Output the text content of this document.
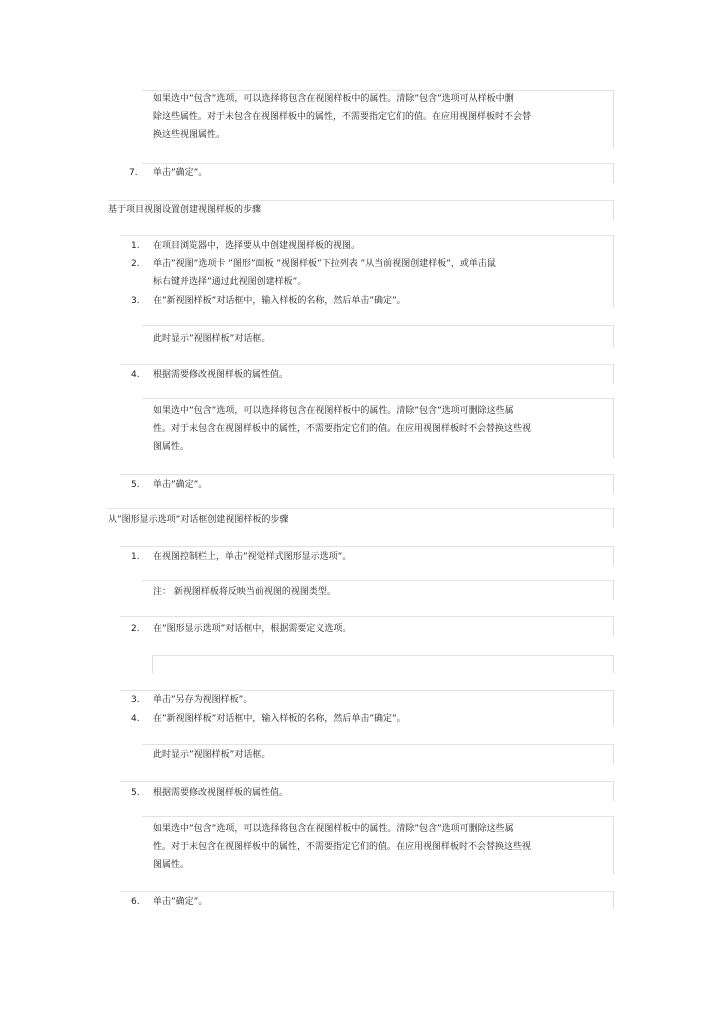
如果选中”包含”选项，可以选择将包含在视图样板中的属性。清除”包含”选项可从样板中删
除这些属性。对于未包含在视图样板中的属性，不需要指定它们的值。在应用视图样板时不会替
换这些视图属性。
7. 单击”确定”。
基于项目视图设置创建视图样板的步骤
1. 在项目浏览器中，选择要从中创建视图样板的视图。
2. 单击”视图”选项卡 ”图形”面板 ”视图样板”下拉列表 ”从当前视图创建样板”，或单击鼠
标右键并选择”通过此视图创建样板”。
3. 在”新视图样板”对话框中，输入样板的名称，然后单击”确定”。
此时显示”视图样板”对话框。
4. 根据需要修改视图样板的属性值。
如果选中”包含”选项，可以选择将包含在视图样板中的属性。清除”包含”选项可删除这些属
性。对于未包含在视图样板中的属性，不需要指定它们的值。在应用视图样板时不会替换这些视
图属性。
5. 单击”确定”。
从”图形显示选项”对话框创建视图样板的步骤
1. 在视图控制栏上，单击”视觉样式图形显示选项”。
注： 新视图样板将反映当前视图的视图类型。
2. 在”图形显示选项”对话框中，根据需要定义选项。
3. 单击”另存为视图样板”。
4. 在”新视图样板”对话框中，输入样板的名称，然后单击”确定”。
此时显示”视图样板”对话框。
5. 根据需要修改视图样板的属性值。
如果选中”包含”选项，可以选择将包含在视图样板中的属性。清除”包含”选项可删除这些属
性。对于未包含在视图样板中的属性，不需要指定它们的值。在应用视图样板时不会替换这些视
图属性。
6. 单击”确定”。
